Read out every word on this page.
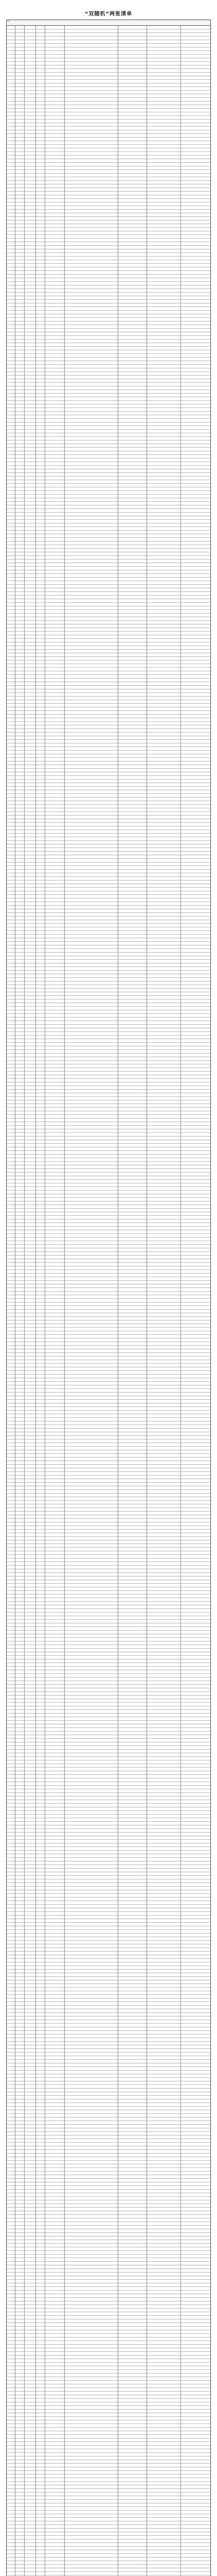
“双随机”两张清单
序号
